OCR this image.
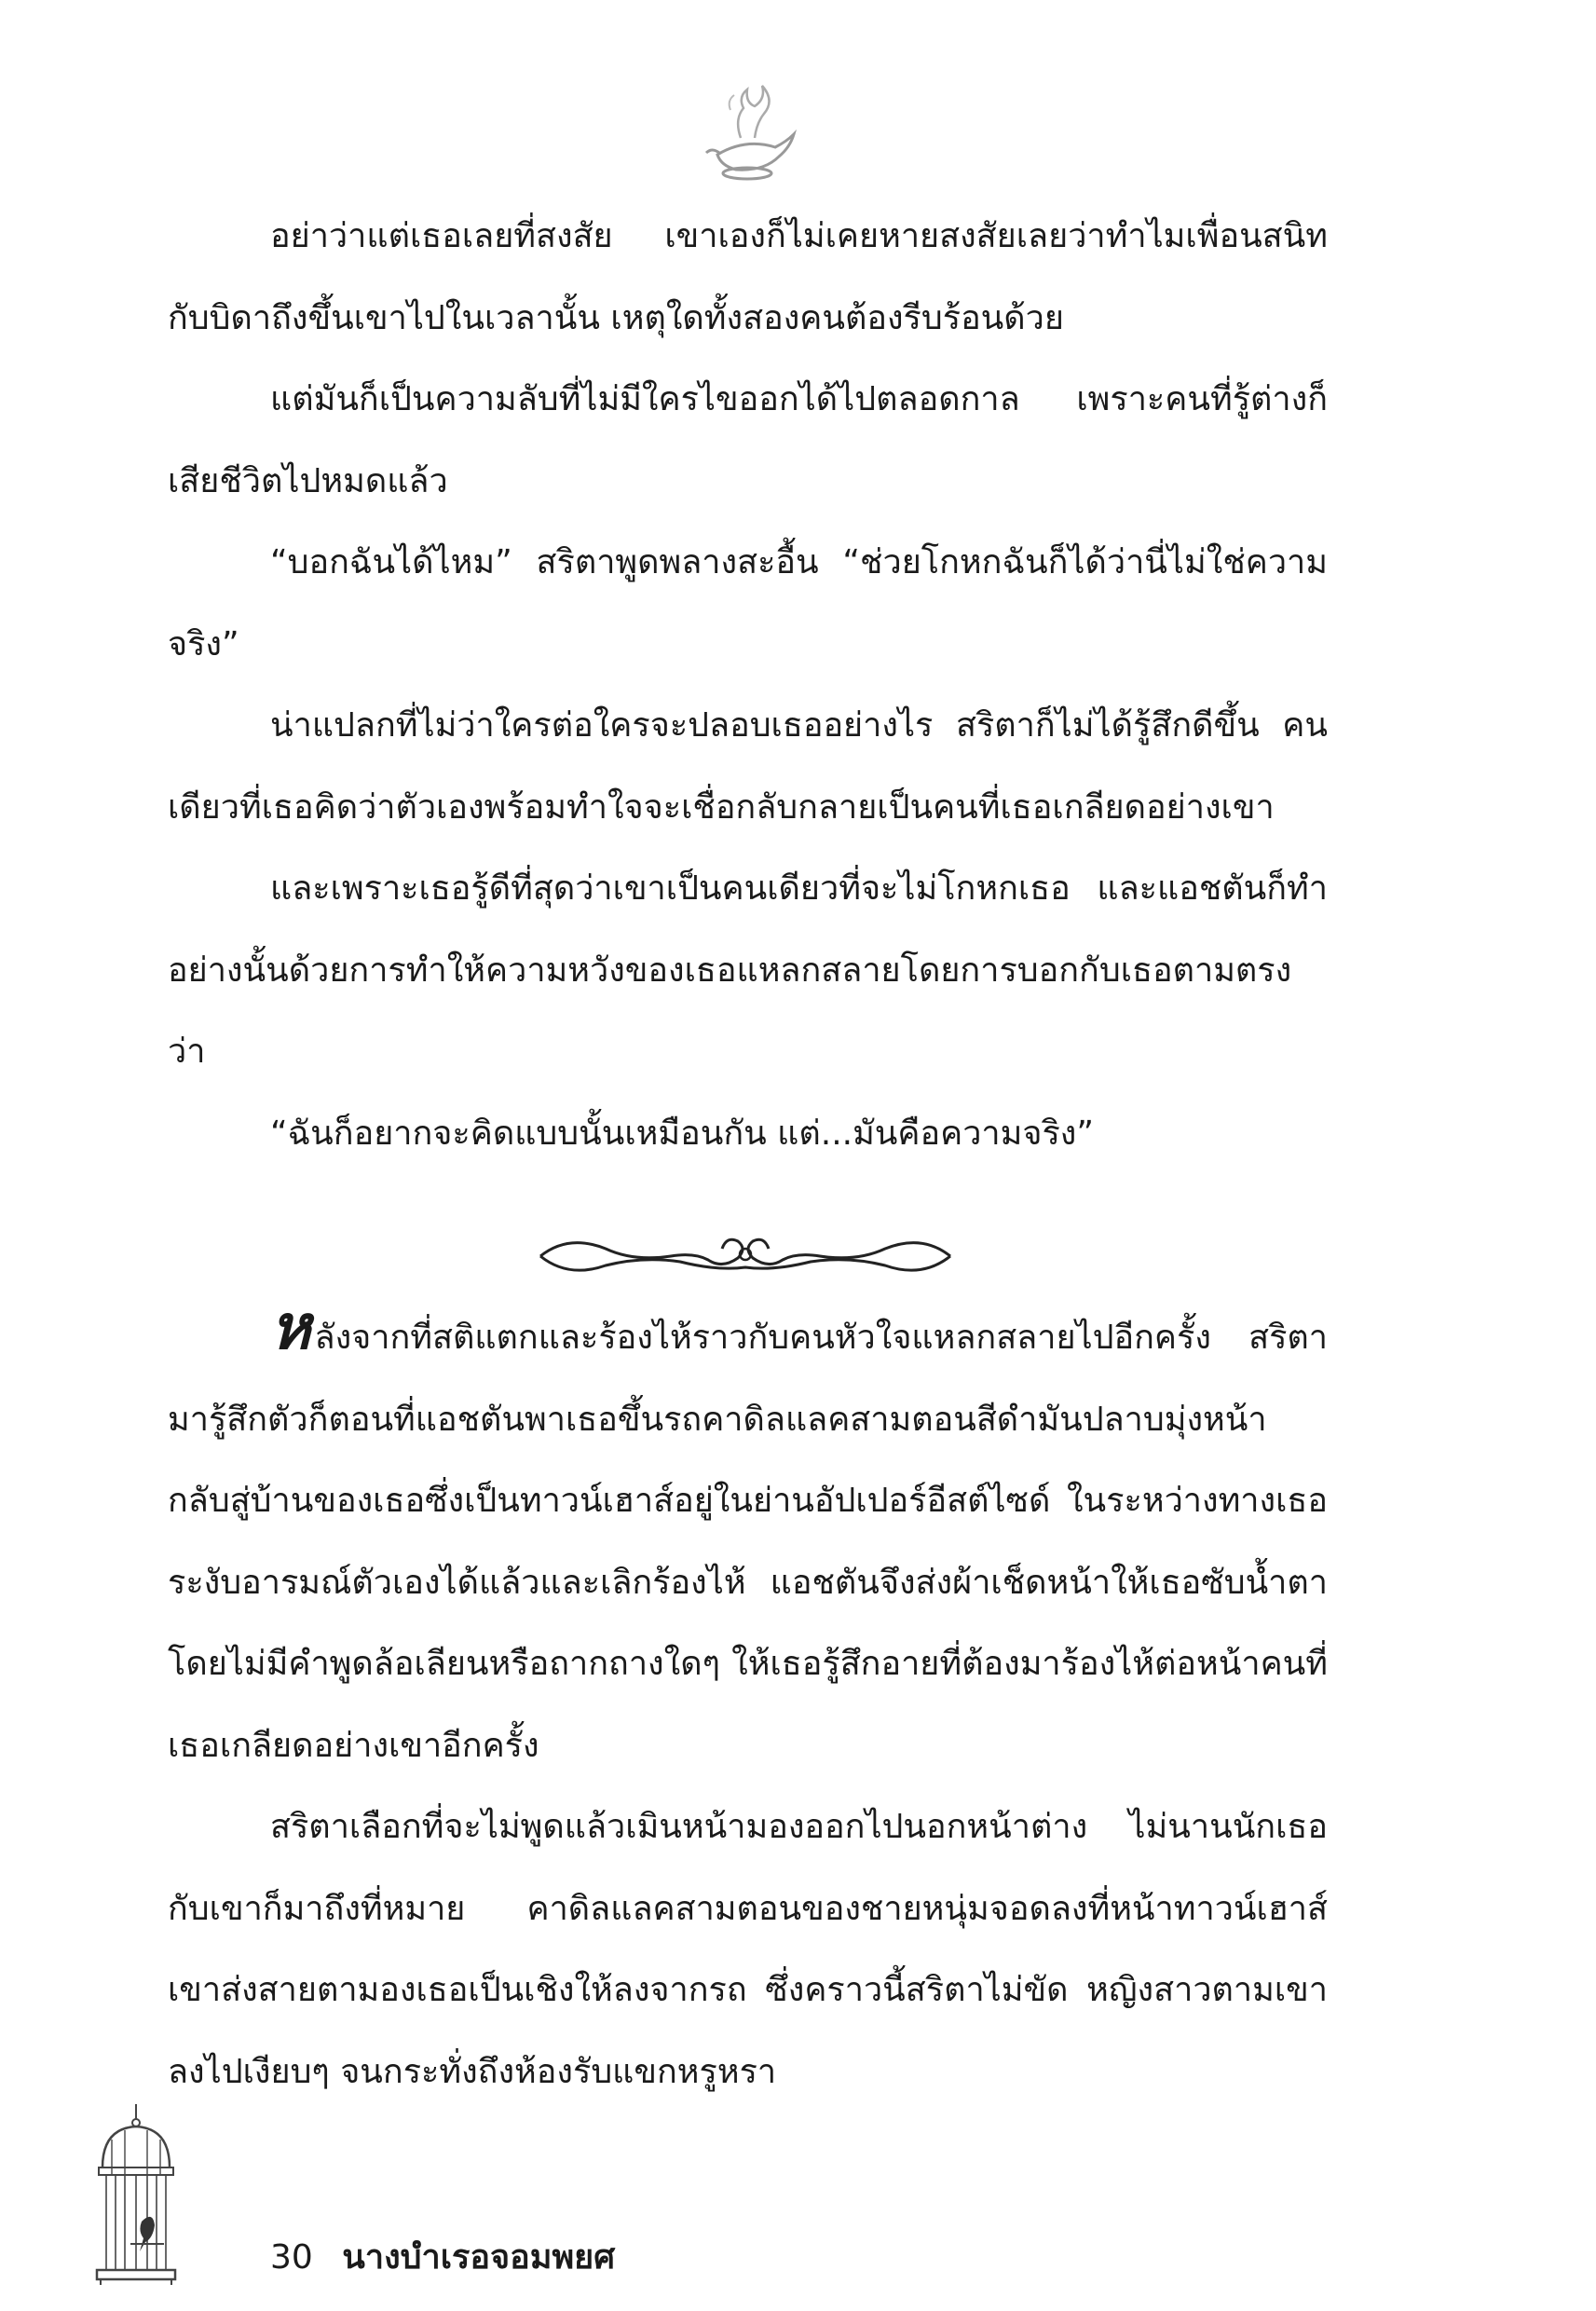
อย่าว่าแต่เธอเลยที่สงสัย เขาเองก็ไม่เคยหายสงสัยเลยว่าทำไมเพื่อนสนิทกับบิดาถึงขึ้นเขาไปในเวลานั้น เหตุใดทั้งสองคนต้องรีบร้อนด้วย

แต่มันก็เป็นความลับที่ไม่มีใครไขออกได้ไปตลอดกาล เพราะคนที่รู้ต่างก็เสียชีวิตไปหมดแล้ว

“บอกฉันได้ไหม” สริตาพูดพลางสะอื้น “ช่วยโกหกฉันก็ได้ว่านี่ไม่ใช่ความจริง”

น่าแปลกที่ไม่ว่าใครต่อใครจะปลอบเธออย่างไร สริตาก็ไม่ได้รู้สึกดีขึ้น คนเดียวที่เธอคิดว่าตัวเองพร้อมทำใจจะเชื่อกลับกลายเป็นคนที่เธอเกลียดอย่างเขา

และเพราะเธอรู้ดีที่สุดว่าเขาเป็นคนเดียวที่จะไม่โกหกเธอ และแอชตันก็ทำอย่างนั้นด้วยการทำให้ความหวังของเธอแหลกสลายโดยการบอกกับเธอตามตรงว่า

“ฉันก็อยากจะคิดแบบนั้นเหมือนกัน แต่...มันคือความจริง”

หลังจากที่สติแตกและร้องไห้ราวกับคนหัวใจแหลกสลายไปอีกครั้ง สริตามารู้สึกตัวก็ตอนที่แอชตันพาเธอขึ้นรถคาดิลแลคสามตอนสีดำมันปลาบมุ่งหน้ากลับสู่บ้านของเธอซึ่งเป็นทาวน์เฮาส์อยู่ในย่านอัปเปอร์อีสต์ไซด์ ในระหว่างทางเธอระงับอารมณ์ตัวเองได้แล้วและเลิกร้องไห้ แอชตันจึงส่งผ้าเช็ดหน้าให้เธอซับน้ำตาโดยไม่มีคำพูดล้อเลียนหรือถากถางใดๆ ให้เธอรู้สึกอายที่ต้องมาร้องไห้ต่อหน้าคนที่เธอเกลียดอย่างเขาอีกครั้ง

สริตาเลือกที่จะไม่พูดแล้วเมินหน้ามองออกไปนอกหน้าต่าง ไม่นานนักเธอกับเขาก็มาถึงที่หมาย คาดิลแลคสามตอนของชายหนุ่มจอดลงที่หน้าทาวน์เฮาส์ เขาส่งสายตามองเธอเป็นเชิงให้ลงจากรถ ซึ่งคราวนี้สริตาไม่ขัด หญิงสาวตามเขาลงไปเงียบๆ จนกระทั่งถึงห้องรับแขกหรูหรา

30 นางบำเรอจอมพยศ
